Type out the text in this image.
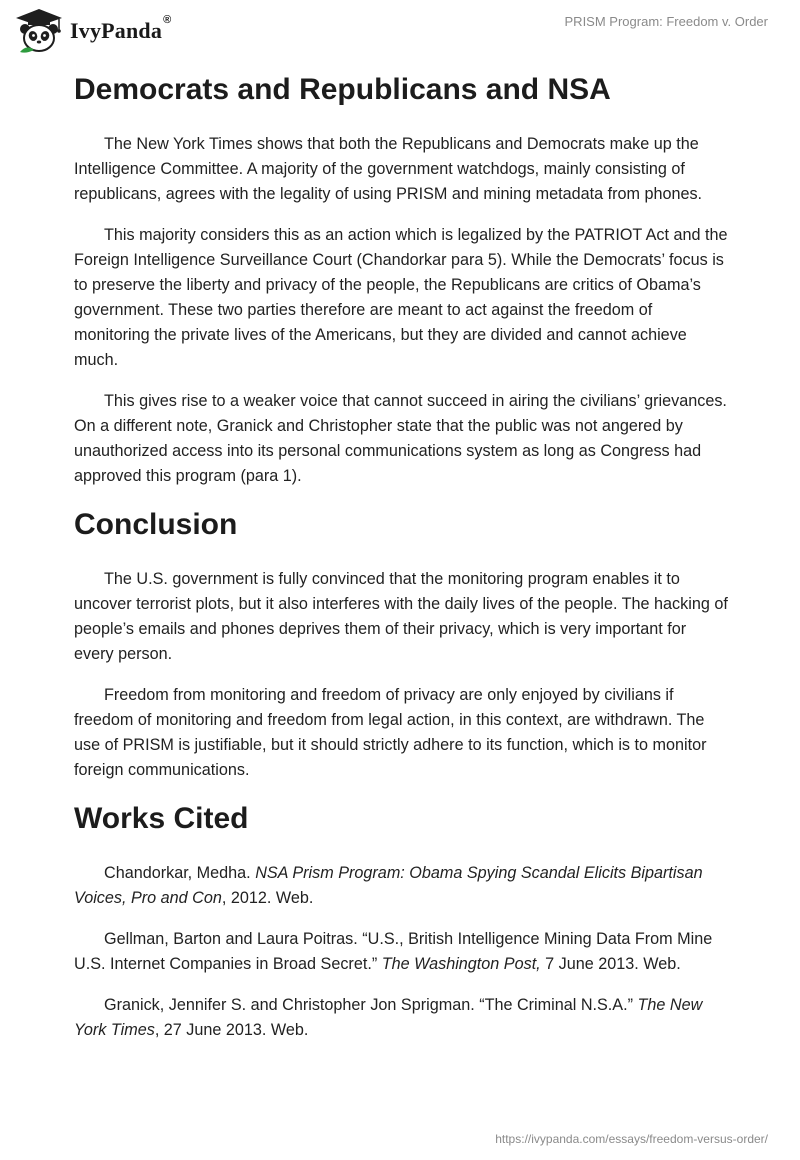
IvyPanda®	PRISM Program: Freedom v. Order
Democrats and Republicans and NSA

The New York Times shows that both the Republicans and Democrats make up the Intelligence Committee. A majority of the government watchdogs, mainly consisting of republicans, agrees with the legality of using PRISM and mining metadata from phones.

This majority considers this as an action which is legalized by the PATRIOT Act and the Foreign Intelligence Surveillance Court (Chandorkar para 5). While the Democrats’ focus is to preserve the liberty and privacy of the people, the Republicans are critics of Obama’s government. These two parties therefore are meant to act against the freedom of monitoring the private lives of the Americans, but they are divided and cannot achieve much.

This gives rise to a weaker voice that cannot succeed in airing the civilians’ grievances. On a different note, Granick and Christopher state that the public was not angered by unauthorized access into its personal communications system as long as Congress had approved this program (para 1).

Conclusion

The U.S. government is fully convinced that the monitoring program enables it to uncover terrorist plots, but it also interferes with the daily lives of the people. The hacking of people’s emails and phones deprives them of their privacy, which is very important for every person.

Freedom from monitoring and freedom of privacy are only enjoyed by civilians if freedom of monitoring and freedom from legal action, in this context, are withdrawn. The use of PRISM is justifiable, but it should strictly adhere to its function, which is to monitor foreign communications.

Works Cited

Chandorkar, Medha. NSA Prism Program: Obama Spying Scandal Elicits Bipartisan Voices, Pro and Con, 2012. Web.

Gellman, Barton and Laura Poitras. “U.S., British Intelligence Mining Data From Mine U.S. Internet Companies in Broad Secret.” The Washington Post, 7 June 2013. Web.

Granick, Jennifer S. and Christopher Jon Sprigman. “The Criminal N.S.A.” The New York Times, 27 June 2013. Web.

https://ivypanda.com/essays/freedom-versus-order/
